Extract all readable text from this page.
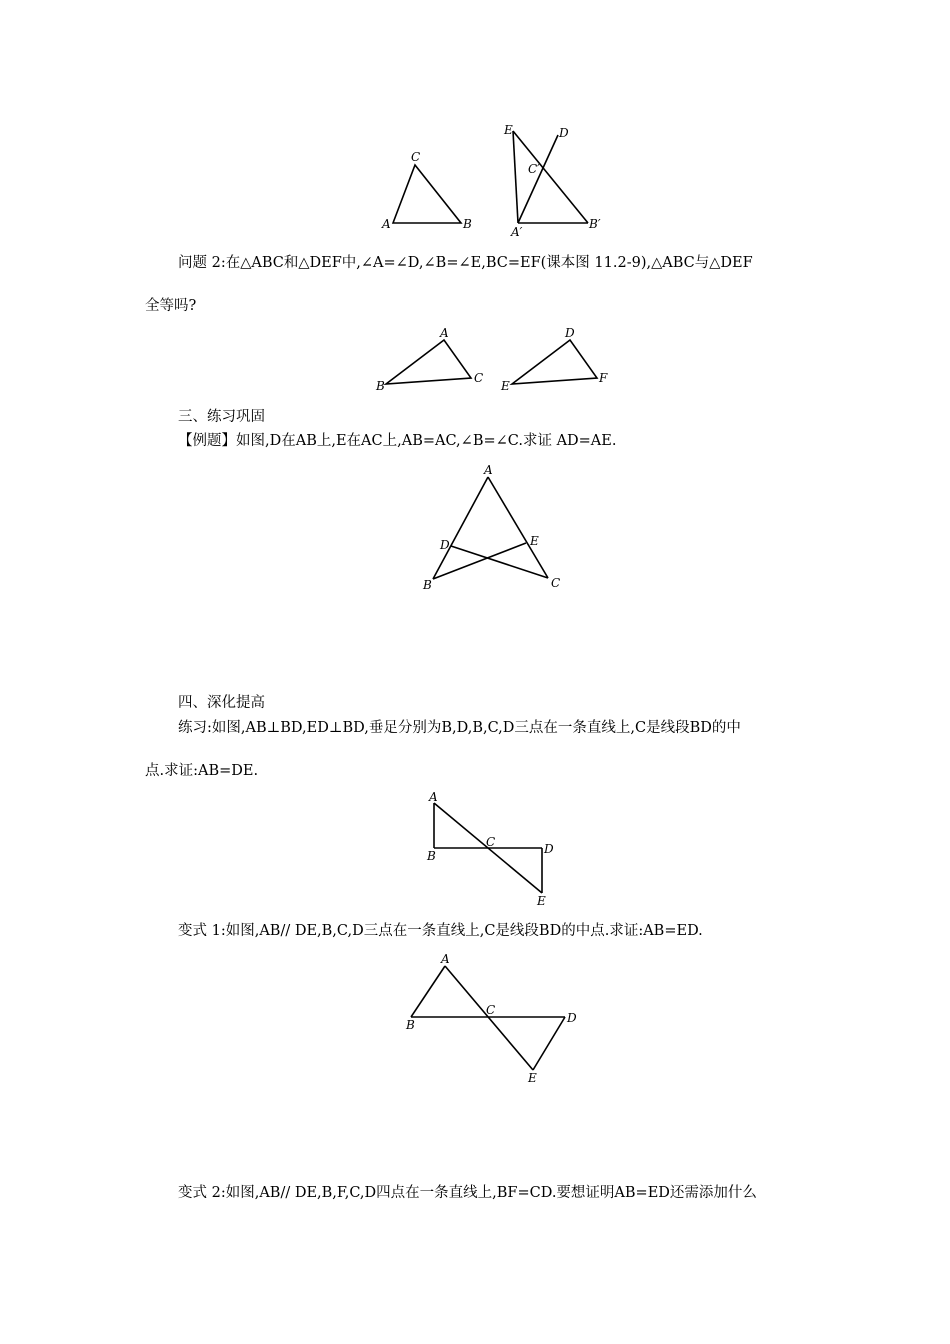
A	B
C
E	D
C′
A′
B′
问题 2:在△ABC和△DEF中,∠A=∠D,∠B=∠E,BC=EF(课本图 11.2-9),△ABC与△DEF
全等吗?
A
B
C
D
E
F
三、练习巩固
【例题】如图,D在AB上,E在AC上,AB=AC,∠B=∠C.求证 AD=AE.
A
B	C
D	E
四、深化提高
练习:如图,AB⊥BD,ED⊥BD,垂足分别为B,D,B,C,D三点在一条直线上,C是线段BD的中
点.求证:AB=DE.
A
B
C	D
E
变式 1:如图,AB// DE,B,C,D三点在一条直线上,C是线段BD的中点.求证:AB=ED.
A
B
C
D
E
变式 2:如图,AB// DE,B,F,C,D四点在一条直线上,BF=CD.要想证明AB=ED还需添加什么
